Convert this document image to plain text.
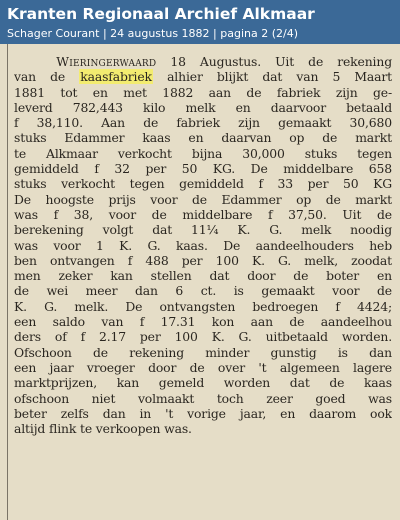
Kranten Regionaal Archief Alkmaar
Schager Courant | 24 augustus 1882 | pagina 2 (2/4)
Wieringerwaard 18 Augustus. Uit de rekening
van de kaasfabriek alhier blijkt dat van 5 Maart
1881 tot en met 1882 aan de fabriek zijn ge-
leverd 782,443 kilo melk en daarvoor betaald
f 38,110. Aan de fabriek zijn gemaakt 30,680
stuks Edammer kaas en daarvan op de markt
te Alkmaar verkocht bijna 30,000 stuks tegen
gemiddeld f 32 per 50 KG. De middelbare 658
stuks verkocht tegen gemiddeld f 33 per 50 KG
De hoogste prijs voor de Edammer op de markt
was f 38, voor de middelbare f 37,50. Uit de
berekening volgt dat 11¼ K. G. melk noodig
was voor 1 K. G. kaas. De aandeelhouders heb
ben ontvangen f 488 per 100 K. G. melk, zoodat
men zeker kan stellen dat door de boter en
de wei meer dan 6 ct. is gemaakt voor de
K. G. melk. De ontvangsten bedroegen f 4424;
een saldo van f 17.31 kon aan de aandeelhou
ders of f 2.17 per 100 K. G. uitbetaald worden.
Ofschoon de rekening minder gunstig is dan
een jaar vroeger door de over 't algemeen lagere
marktprijzen, kan gemeld worden dat de kaas
ofschoon niet volmaakt toch zeer goed was
beter zelfs dan in 't vorige jaar, en daarom ook
altijd flink te verkoopen was.
